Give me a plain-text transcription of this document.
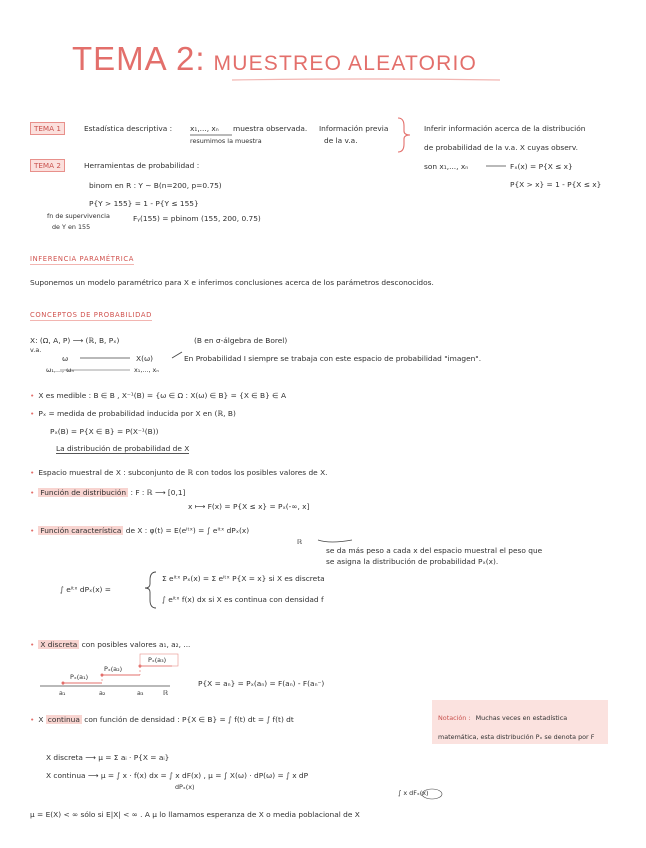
TEMA 2: MUESTREO ALEATORIO
TEMA 1	Estadística descriptiva : x₁,..., xₙ muestra observada.
resumimos la muestra
Información previa
de la v.a.
Inferir información acerca de la distribución
de probabilidad de la v.a. X cuyas observ.
son x₁,..., xₙ	Fₓ(x) = P{X ≤ x}
P{X > x} = 1 - P{X ≤ x}
TEMA 2	Herramientas de probabilidad :
binom en R : Y ~ B(n=200, p=0.75)
P{Y > 155} = 1 - P{Y ≤ 155}
fn de supervivencia
de Y en 155
Fᵧ(155) = pbinom (155, 200, 0.75)
INFERENCIA PARAMÉTRICA
Suponemos un modelo paramétrico para X e inferimos conclusiones acerca de los parámetros desconocidos.
CONCEPTOS DE PROBABILIDAD
X: (Ω, A, P) ⟶ (ℝ, B, Pₓ)
v.a.
(B en σ-álgebra de Borel)
ω	X(ω)
ω₁,..., ωₙ	x₁,..., xₙ
En Probabilidad I siempre se trabaja con este espacio de probabilidad "imagen".
• X es medible : B ∈ B , X⁻¹(B) = {ω ∈ Ω : X(ω) ∈ B} = {X ∈ B} ∈ A
• Pₓ = medida de probabilidad inducida por X en (ℝ, B)
Pₓ(B) = P{X ∈ B} = P(X⁻¹(B))
La distribución de probabilidad de X
• Espacio muestral de X : subconjunto de ℝ con todos los posibles valores de X.
• Función de distribución : F : ℝ ⟶ [0,1]
x ⟼ F(x) = P{X ≤ x} = Pₓ(-∞, x]
• Función característica de X : φ(t) = E(eⁱᵗˣ) = ∫ eⁱᵗˣ dPₓ(x)
ℝ
se da más peso a cada x del espacio muestral el peso que
se asigna la distribución de probabilidad Pₓ(x).
∫ eⁱᵗˣ dPₓ(x) =
Σ eⁱᵗˣ Pₓ(x) = Σ eⁱᵗˣ P{X = x} si X es discreta
∫ eⁱᵗˣ f(x) dx si X es continua con densidad f
• X discreta con posibles valores a₁, a₂, ...
Pₓ(a₁)
Pₓ(a₂)
Pₓ(a₃)
a₁	a₂	a₃	ℝ
P{X = aₙ} = Pₓ(aₙ) = F(aₙ) - F(aₙ⁻)
• X continua con función de densidad : P{X ∈ B} = ∫ f(t) dt = ∫ f(t) dt	Notación : Muchas veces en estadística matemática, esta distribución Pₓ se denota por F
X discreta ⟶ μ = Σ aᵢ · P{X = aᵢ}
X continua ⟶ μ = ∫ x · f(x) dx = ∫ x dF(x) , μ = ∫ X(ω) · dP(ω) = ∫ x dP
dPₓ(x)
∫ x dFₓ(x)
μ = E(X) < ∞ sólo si E|X| < ∞ . A μ lo llamamos esperanza de X o media poblacional de X
